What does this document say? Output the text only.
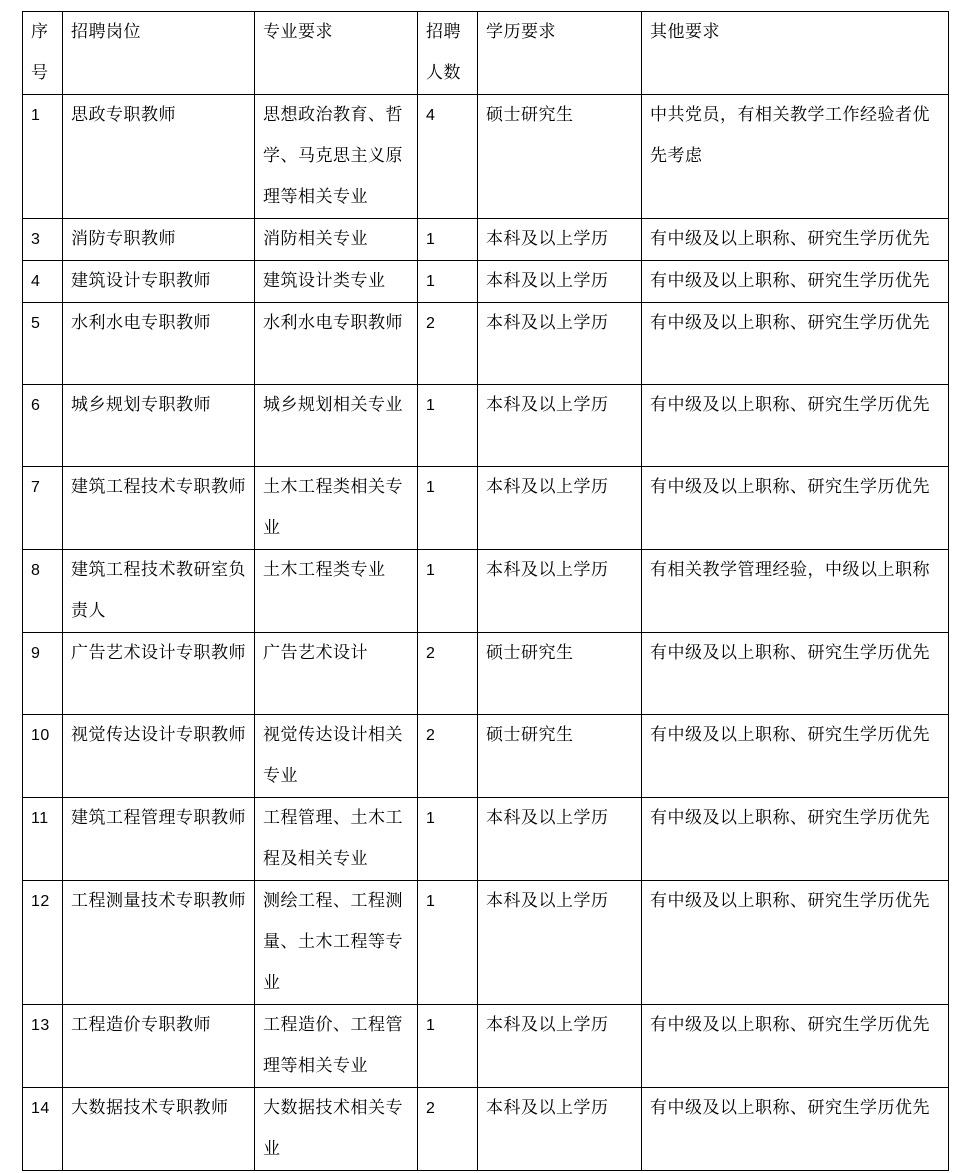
序号	招聘岗位	专业要求	招聘人数	学历要求	其他要求
1	思政专职教师	思想政治教育、哲学、马克思主义原理等相关专业	4	硕士研究生	中共党员，有相关教学工作经验者优先考虑
3	消防专职教师	消防相关专业	1	本科及以上学历	有中级及以上职称、研究生学历优先
4	建筑设计专职教师	建筑设计类专业	1	本科及以上学历	有中级及以上职称、研究生学历优先
5	水利水电专职教师	水利水电专职教师	2	本科及以上学历	有中级及以上职称、研究生学历优先
6	城乡规划专职教师	城乡规划相关专业	1	本科及以上学历	有中级及以上职称、研究生学历优先
7	建筑工程技术专职教师	土木工程类相关专业	1	本科及以上学历	有中级及以上职称、研究生学历优先
8	建筑工程技术教研室负责人	土木工程类专业	1	本科及以上学历	有相关教学管理经验，中级以上职称
9	广告艺术设计专职教师	广告艺术设计	2	硕士研究生	有中级及以上职称、研究生学历优先
10	视觉传达设计专职教师	视觉传达设计相关专业	2	硕士研究生	有中级及以上职称、研究生学历优先
11	建筑工程管理专职教师	工程管理、土木工程及相关专业	1	本科及以上学历	有中级及以上职称、研究生学历优先
12	工程测量技术专职教师	测绘工程、工程测量、土木工程等专业	1	本科及以上学历	有中级及以上职称、研究生学历优先
13	工程造价专职教师	工程造价、工程管理等相关专业	1	本科及以上学历	有中级及以上职称、研究生学历优先
14	大数据技术专职教师	大数据技术相关专业	2	本科及以上学历	有中级及以上职称、研究生学历优先
